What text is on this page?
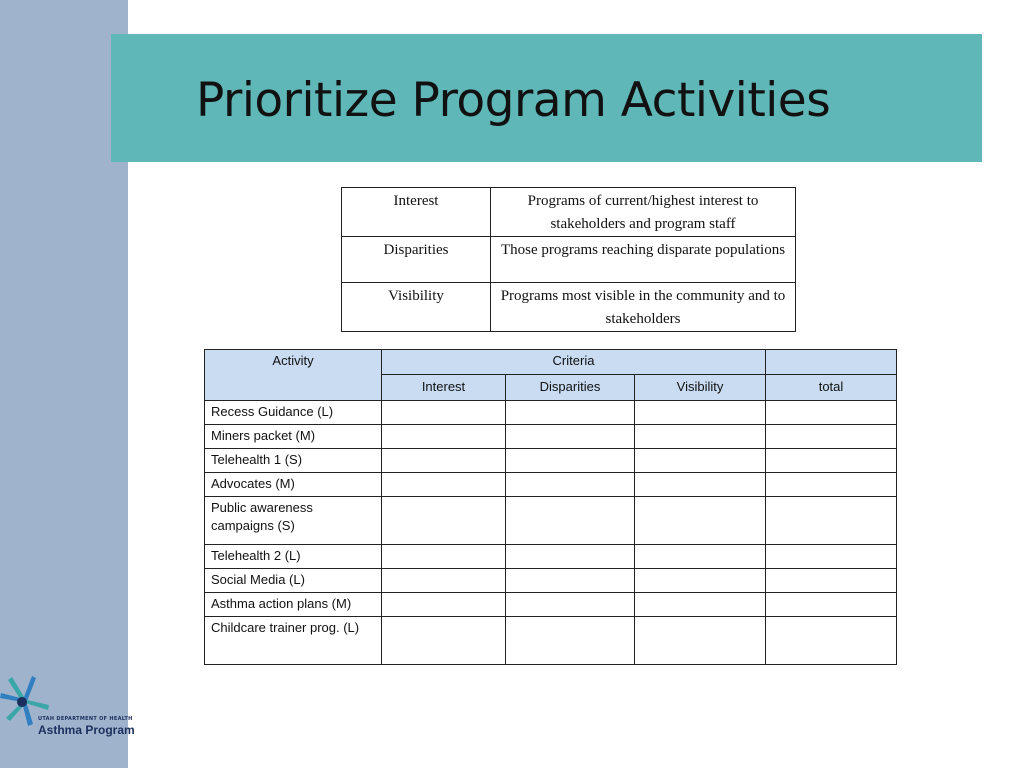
Prioritize Program Activities
Interest	Programs of current/highest interest to stakeholders and program staff
Disparities	Those programs reaching disparate populations
Visibility	Programs most visible in the community and to stakeholders
Activity	Criteria			
	Interest	Disparities	Visibility	total
Recess Guidance (L)				
Miners packet (M)				
Telehealth 1 (S)				
Advocates (M)				
Public awareness campaigns (S)				
Telehealth 2 (L)				
Social Media (L)				
Asthma action plans (M)				
Childcare trainer prog. (L)				
UTAH DEPARTMENT OF HEALTH
Asthma Program
